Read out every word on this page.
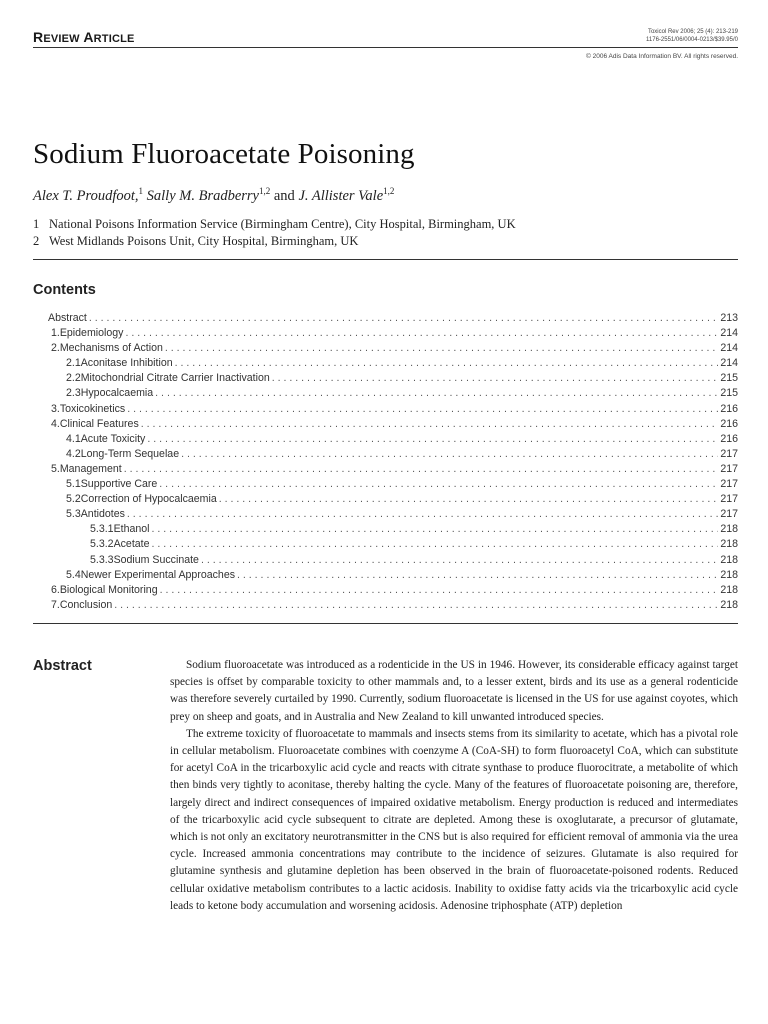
REVIEW ARTICLE
Toxicol Rev 2006; 25 (4): 213-219
1176-2551/06/0004-0213/$39.95/0
© 2006 Adis Data Information BV. All rights reserved.
Sodium Fluoroacetate Poisoning
Alex T. Proudfoot,$^1$ Sally M. Bradberry$^{1,2}$ and J. Allister Vale$^{1,2}$
1 National Poisons Information Service (Birmingham Centre), City Hospital, Birmingham, UK
2 West Midlands Poisons Unit, City Hospital, Birmingham, UK
Contents
Abstract . . .	213
1. Epidemiology . . .	214
2. Mechanisms of Action . . .	214
2.1 Aconitase Inhibition . . .	214
2.2 Mitochondrial Citrate Carrier Inactivation . . .	215
2.3 Hypocalcaemia . . .	215
3. Toxicokinetics . . .	216
4. Clinical Features . . .	216
4.1 Acute Toxicity . . .	216
4.2 Long-Term Sequelae . . .	217
5. Management . . .	217
5.1 Supportive Care . . .	217
5.2 Correction of Hypocalcaemia . . .	217
5.3 Antidotes . . .	217
5.3.1 Ethanol . . .	218
5.3.2 Acetate . . .	218
5.3.3 Sodium Succinate . . .	218
5.4 Newer Experimental Approaches . . .	218
6. Biological Monitoring . . .	218
7. Conclusion . . .	218
Abstract	Sodium fluoroacetate was introduced as a rodenticide in the US in 1946. However, its considerable efficacy against target species is offset by comparable toxicity to other mammals and, to a lesser extent, birds and its use as a general rodenticide was therefore severely curtailed by 1990. Currently, sodium fluoroacetate is licensed in the US for use against coyotes, which prey on sheep and goats, and in Australia and New Zealand to kill unwanted introduced species.

The extreme toxicity of fluoroacetate to mammals and insects stems from its similarity to acetate, which has a pivotal role in cellular metabolism. Fluoroacetate combines with coenzyme A (CoA-SH) to form fluoroacetyl CoA, which can substitute for acetyl CoA in the tricarboxylic acid cycle and reacts with citrate synthase to produce fluorocitrate, a metabolite of which then binds very tightly to aconitase, thereby halting the cycle. Many of the features of fluoroacetate poisoning are, therefore, largely direct and indirect consequences of impaired oxidative metabolism. Energy production is reduced and intermediates of the tricarboxylic acid cycle subsequent to citrate are depleted. Among these is oxoglutarate, a precursor of glutamate, which is not only an excitatory neurotransmitter in the CNS but is also required for efficient removal of ammonia via the urea cycle. Increased ammonia concentrations may contribute to the incidence of seizures. Glutamate is also required for glutamine synthesis and glutamine depletion has been observed in the brain of fluoroacetate-poisoned rodents. Reduced cellular oxidative metabolism contributes to a lactic acidosis. Inability to oxidise fatty acids via the tricarboxylic acid cycle leads to ketone body accumulation and worsening acidosis. Adenosine triphosphate (ATP) depletion
